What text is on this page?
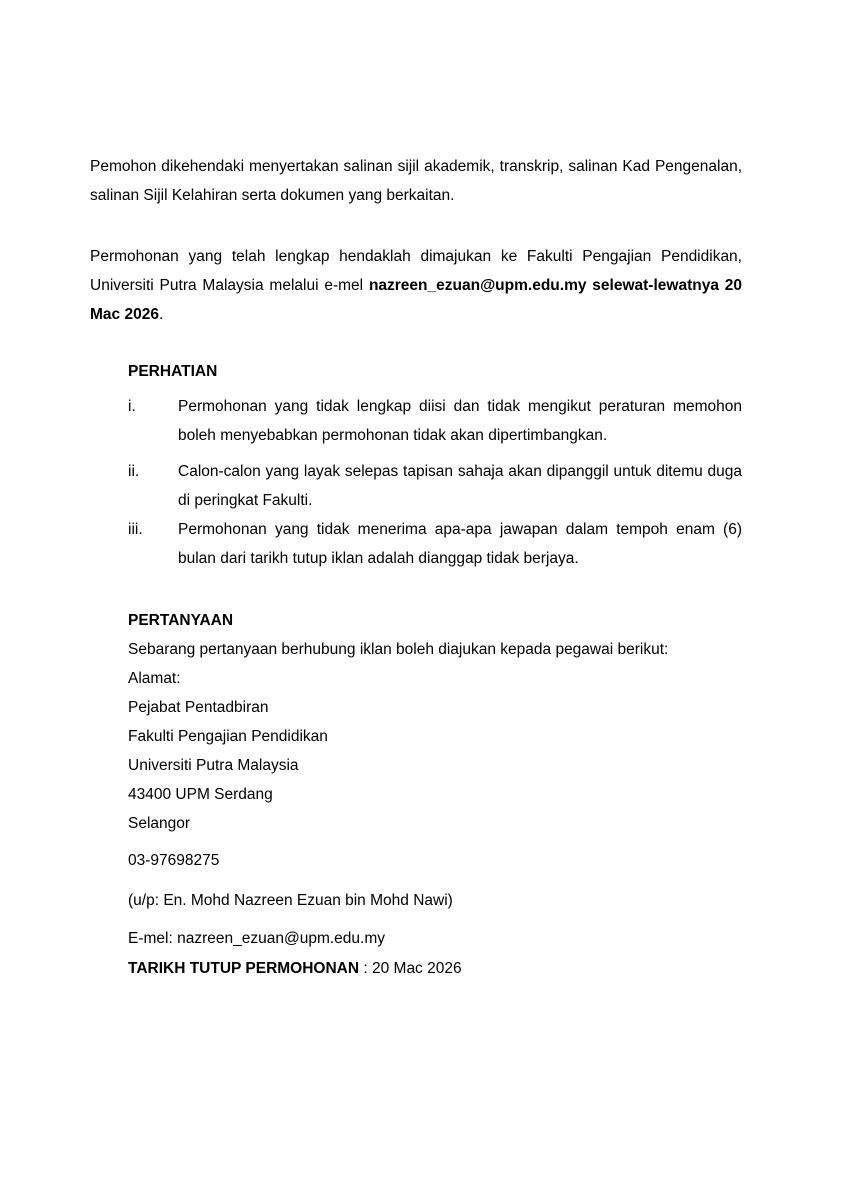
Pemohon dikehendaki menyertakan salinan sijil akademik, transkrip, salinan Kad Pengenalan, salinan Sijil Kelahiran serta dokumen yang berkaitan.

Permohonan yang telah lengkap hendaklah dimajukan ke Fakulti Pengajian Pendidikan, Universiti Putra Malaysia melalui e-mel nazreen_ezuan@upm.edu.my selewat-lewatnya 20 Mac 2026.

PERHATIAN
i.	Permohonan yang tidak lengkap diisi dan tidak mengikut peraturan memohon boleh menyebabkan permohonan tidak akan dipertimbangkan.
ii.	Calon-calon yang layak selepas tapisan sahaja akan dipanggil untuk ditemu duga di peringkat Fakulti.
iii.	Permohonan yang tidak menerima apa-apa jawapan dalam tempoh enam (6) bulan dari tarikh tutup iklan adalah dianggap tidak berjaya.
PERTANYAAN
Sebarang pertanyaan berhubung iklan boleh diajukan kepada pegawai berikut:
Alamat:
Pejabat Pentadbiran
Fakulti Pengajian Pendidikan
Universiti Putra Malaysia
43400 UPM Serdang
Selangor
03-97698275
(u/p: En. Mohd Nazreen Ezuan bin Mohd Nawi)
E-mel: nazreen_ezuan@upm.edu.my
TARIKH TUTUP PERMOHONAN : 20 Mac 2026
